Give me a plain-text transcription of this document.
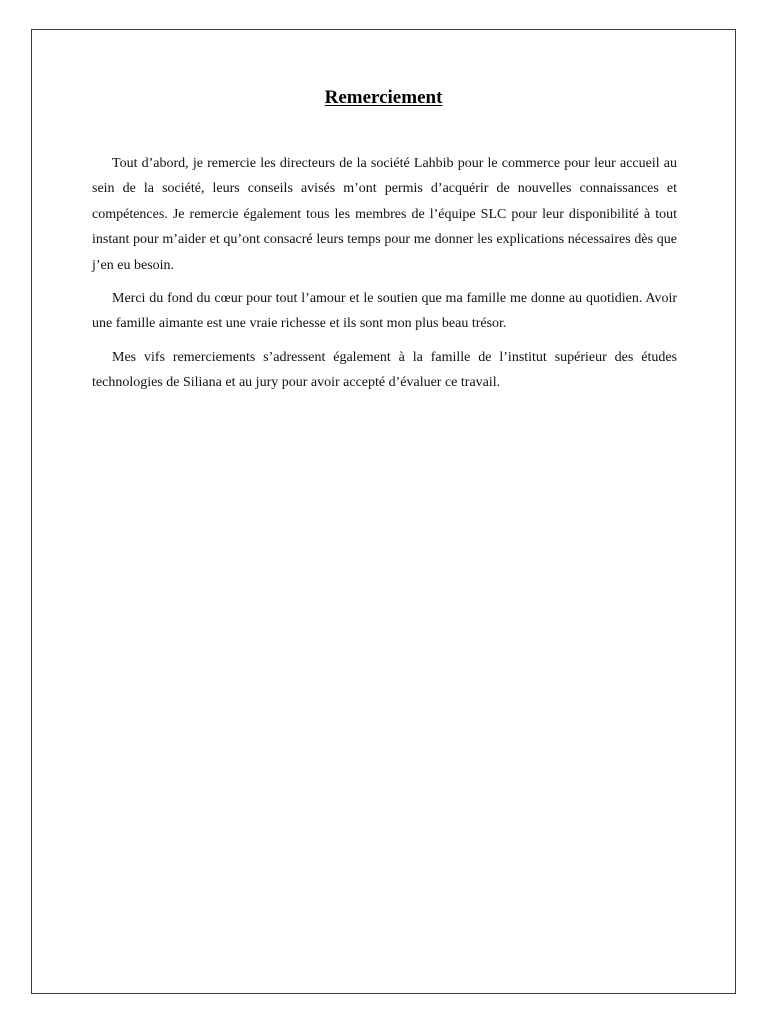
Remerciement

Tout d’abord, je remercie les directeurs de la société Lahbib pour le commerce pour leur accueil au sein de la société, leurs conseils avisés m’ont permis d’acquérir de nouvelles connaissances et compétences. Je remercie également tous les membres de l’équipe SLC pour leur disponibilité à tout instant pour m’aider et qu’ont consacré leurs temps pour me donner les explications nécessaires dès que j’en eu besoin.

Merci du fond du cœur pour tout l’amour et le soutien que ma famille me donne au quotidien. Avoir une famille aimante est une vraie richesse et ils sont mon plus beau trésor.

Mes vifs remerciements s’adressent également à la famille de l’institut supérieur des études technologies de Siliana et au jury pour avoir accepté d’évaluer ce travail.
